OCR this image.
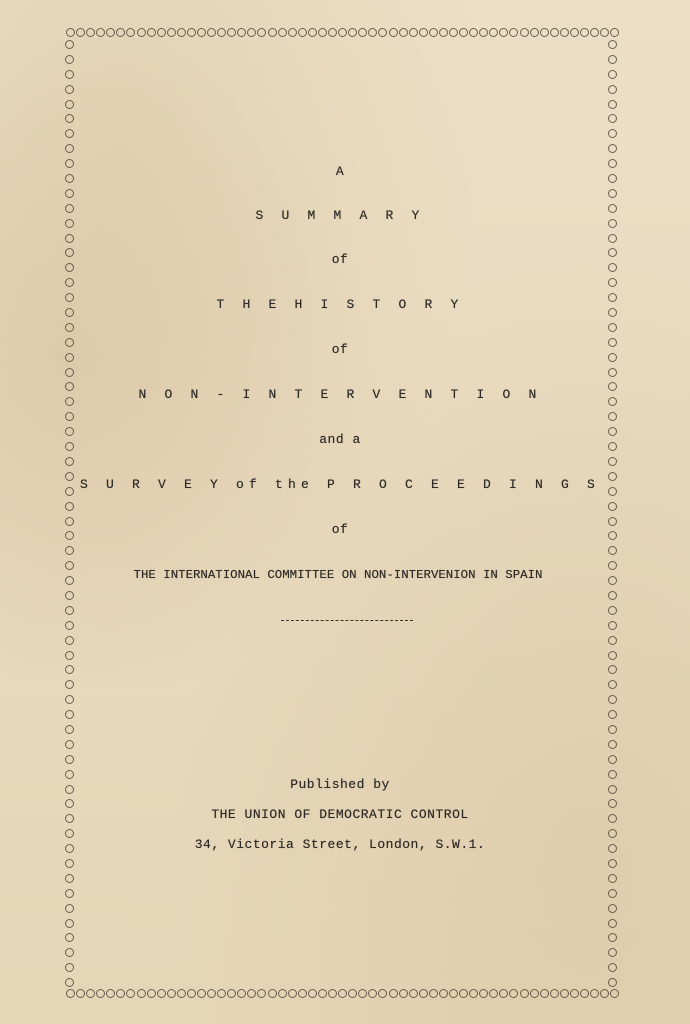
A

S U M M A R Y

of

T H E H I S T O R Y

of

N O N - I N T E R V E N T I O N

and a

S U R V E Y of the P R O C E E D I N G S

of

THE INTERNATIONAL COMMITTEE ON NON-INTERVENION IN SPAIN

Published by

THE UNION OF DEMOCRATIC CONTROL

34, Victoria Street, London, S.W.1.
